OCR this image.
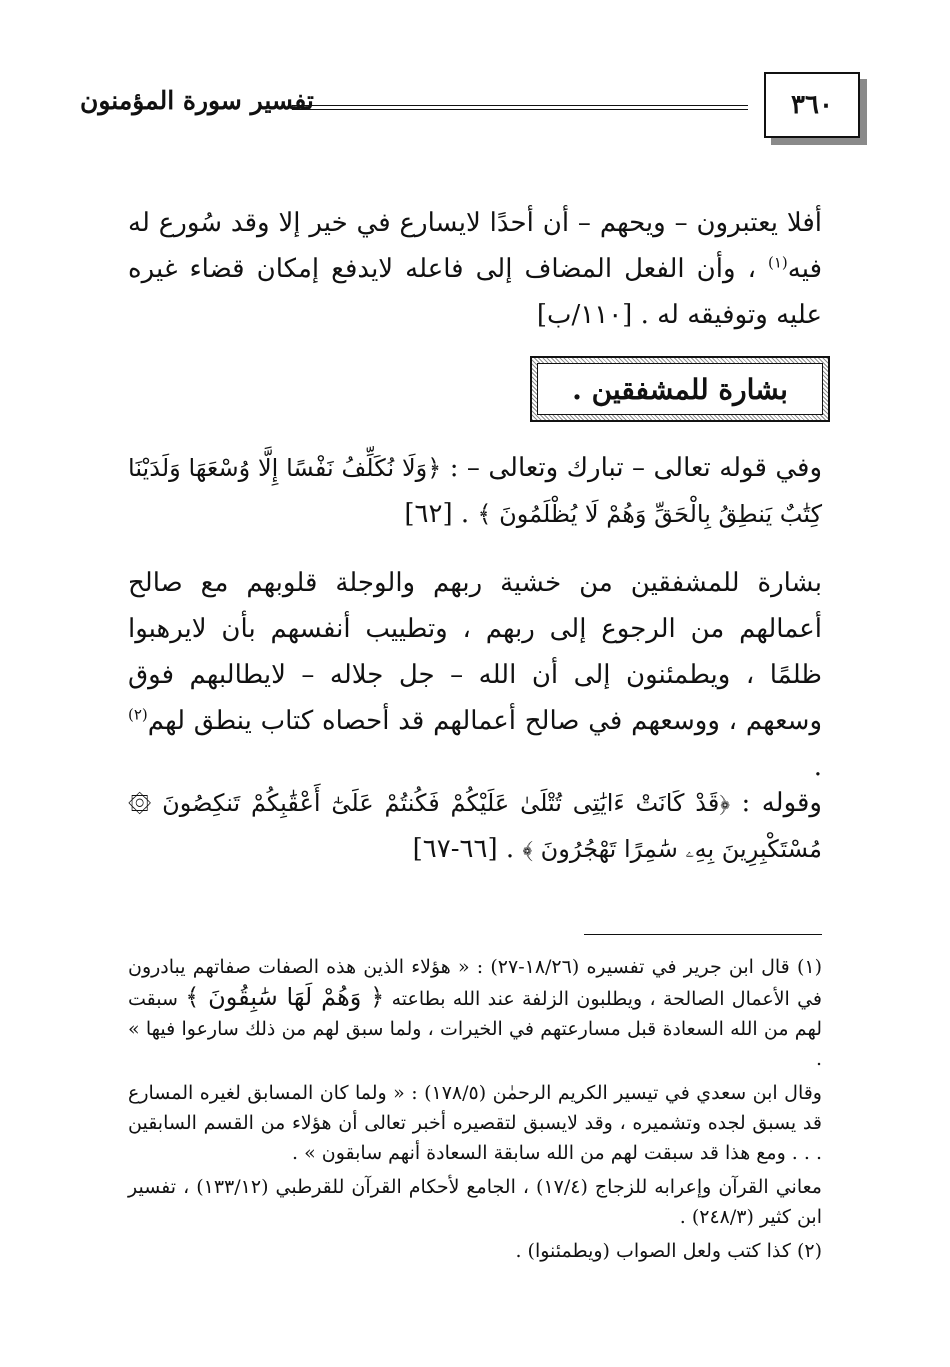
٣٦٠
تفسير سورة المؤمنون
أفلا يعتبرون – ويحهم – أن أحدًا لايسارع في خير إلا وقد سُورع له فيه$^{(١)}$ ، وأن الفعل المضاف إلى فاعله لايدفع إمكان قضاء غيره عليه وتوفيقه له . [١١٠/ب]
بشارة للمشفقين .
وفي قوله تعالى – تبارك وتعالى – : ﴿وَلَا نُكَلِّفُ نَفْسًا إِلَّا وُسْعَهَا وَلَدَيْنَا كِتَٰبٌ يَنطِقُ بِالْحَقِّ وَهُمْ لَا يُظْلَمُونَ ﴾ . [٦٢]
بشارة للمشفقين من خشية ربهم والوجلة قلوبهم مع صالح أعمالهم من الرجوع إلى ربهم ، وتطييب أنفسهم بأن لايرهبوا ظلمًا ، ويطمئنون إلى أن الله – جل جلاله – لايطالبهم فوق وسعهم ، ووسعهم في صالح أعمالهم قد أحصاه كتاب ينطق لهم$^{(٢)}$ .
وقوله : ﴿قَدْ كَانَتْ ءَايَٰتِى تُتْلَىٰ عَلَيْكُمْ فَكُنتُمْ عَلَىٰٓ أَعْقَٰبِكُمْ تَنكِصُونَ ۞ مُسْتَكْبِرِينَ بِهِۦ سَٰمِرًا تَهْجُرُونَ ﴾ . [٦٦-٦٧]
(١) قال ابن جرير في تفسيره (١٨/٢٦-٢٧) : « هؤلاء الذين هذه الصفات صفاتهم يبادرون في الأعمال الصالحة ، ويطلبون الزلفة عند الله بطاعته ﴿ وَهُمْ لَهَا سَٰبِقُونَ ﴾ سبقت لهم من الله السعادة قبل مسارعتهم في الخيرات ، ولما سبق لهم من ذلك سارعوا فيها » .
وقال ابن سعدي في تيسير الكريم الرحمٰن (١٧٨/٥) : « ولما كان المسابق لغيره المسارع قد يسبق لجده وتشميره ، وقد لايسبق لتقصيره أخبر تعالى أن هؤلاء من القسم السابقين . . . ومع هذا قد سبقت لهم من الله سابقة السعادة أنهم سابقون » .
معاني القرآن وإعرابه للزجاج (١٧/٤) ، الجامع لأحكام القرآن للقرطبي (١٣٣/١٢) ، تفسير ابن كثير (٢٤٨/٣) .
(٢) كذا كتب ولعل الصواب (ويطمئنوا) .
